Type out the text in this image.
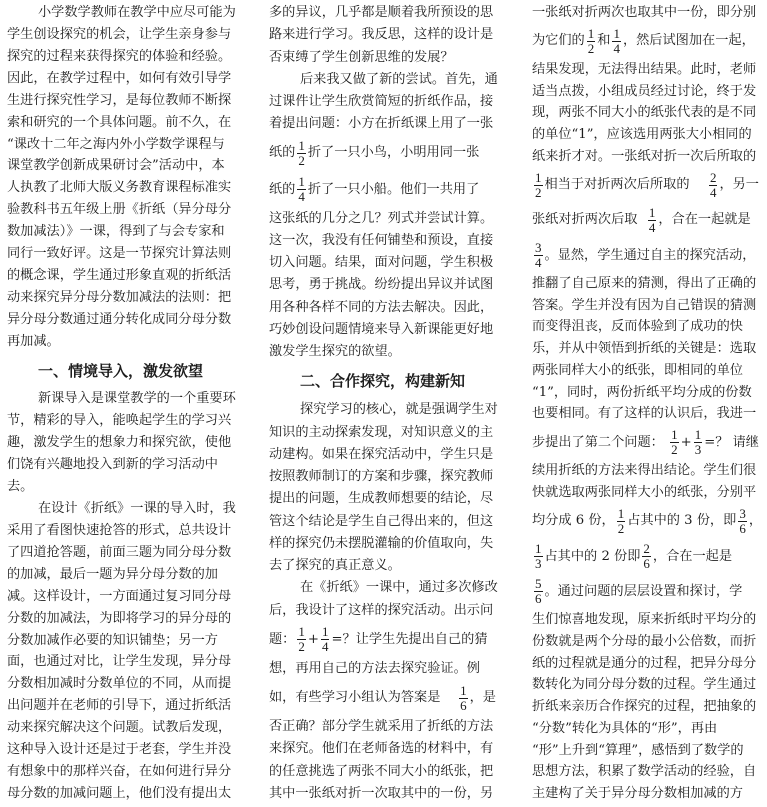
小学数学教师在教学中应尽可能为
学生创设探究的机会，让学生亲身参与
探究的过程来获得探究的体验和经验。
因此，在教学过程中，如何有效引导学
生进行探究性学习，是每位教师不断探
索和研究的一个具体问题。前不久，在
“课改十二年之海内外小学数学课程与
课堂教学创新成果研讨会”活动中，本
人执教了北师大版义务教育课程标准实
验教科书五年级上册《折纸（异分母分
数加减法）》一课，得到了与会专家和
同行一致好评。这是一节探究计算法则
的概念课，学生通过形象直观的折纸活
动来探究异分母分数加减法的法则：把
异分母分数通过通分转化成同分母分数
再加减。
一、情境导入，激发欲望
新课导入是课堂教学的一个重要环
节，精彩的导入，能唤起学生的学习兴
趣，激发学生的想象力和探究欲，使他
们饶有兴趣地投入到新的学习活动中
去。
在设计《折纸》一课的导入时，我
采用了看图快速抢答的形式，总共设计
了四道抢答题，前面三题为同分母分数
的加减，最后一题为异分母分数的加
减。这样设计，一方面通过复习同分母
分数的加减法，为即将学习的异分母的
分数加减作必要的知识铺垫；另一方
面，也通过对比，让学生发现，异分母
分数相加减时分数单位的不同，从而提
出问题并在老师的引导下，通过折纸活
动来探究解决这个问题。试教后发现，
这种导入设计还是过于老套，学生并没
有想象中的那样兴奋，在如何进行异分
母分数的加减问题上，他们没有提出太
多的异议，几乎都是顺着我所预设的思
路来进行学习。我反思，这样的设计是
否束缚了学生创新思维的发展？
后来我又做了新的尝试。首先，通
过课件让学生欣赏简短的折纸作品，接
着提出问题：小方在折纸课上用了一张
纸的 $\frac{1}{2}$ 折了一只小鸟，小明用同一张
纸的 $\frac{1}{4}$ 折了一只小船。他们一共用了
这张纸的几分之几？列式并尝试计算。
这一次，我没有任何铺垫和预设，直接
切入问题。结果，面对问题，学生积极
思考，勇于挑战。纷纷提出异议并试图
用各种各样不同的方法去解决。因此，
巧妙创设问题情境来导入新课能更好地
激发学生探究的欲望。
二、合作探究，构建新知
探究学习的核心，就是强调学生对
知识的主动探索发现，对知识意义的主
动建构。如果在探究活动中，学生只是
按照教师制订的方案和步骤，探究教师
提出的问题，生成教师想要的结论，尽
管这个结论是学生自己得出来的，但这
样的探究仍未摆脱灌输的价值取向，失
去了探究的真正意义。
在《折纸》一课中，通过多次修改
后，我设计了这样的探究活动。出示问
题： $\frac{1}{2} + \frac{1}{4}$ =？让学生先提出自己的猜
想，再用自己的方法去探究验证。例
如，有些学习小组认为答案是	$\frac{1}{6}$ ，是
否正确？部分学生就采用了折纸的方法
来探究。他们在老师备选的材料中，有
的任意挑选了两张不同大小的纸张，把
其中一张纸对折一次取其中的一份，另
一张纸对折两次也取其中一份，即分别
为它们的 $\frac{1}{2}$ 和 $\frac{1}{4}$ ，然后试图加在一起，
结果发现，无法得出结果。此时，老师
适当点拨，小组成员经过讨论，终于发
现，两张不同大小的纸张代表的是不同
的单位“1”，应该选用两张大小相同的
纸来折才对。一张纸对折一次后所取的
$\frac{1}{2}$ 相当于对折两次后所取的	$\frac{2}{4}$ ，另一
张纸对折两次后取 $\frac{1}{4}$ ，合在一起就是
$\frac{3}{4}$ 。显然，学生通过自主的探究活动，
推翻了自己原来的猜测，得出了正确的
答案。学生并没有因为自己错误的猜测
而变得沮丧，反而体验到了成功的快
乐，并从中领悟到折纸的关键是：选取
两张同样大小的纸张，即相同的单位
“1”，同时，两份折纸平均分成的份数
也要相同。有了这样的认识后，我进一
步提出了第二个问题： $\frac{1}{2} + \frac{1}{3}$ =？ 请继
续用折纸的方法来得出结论。学生们很
快就选取两张同样大小的纸张，分别平
均分成 6 份， $\frac{1}{2}$ 占其中的 3 份，即 $\frac{3}{6}$ ，
$\frac{1}{3}$ 占其中的 2 份即 $\frac{2}{6}$ ，合在一起是
$\frac{5}{6}$ 。通过问题的层层设置和探讨，学
生们惊喜地发现，原来折纸时平均分的
份数就是两个分母的最小公倍数，而折
纸的过程就是通分的过程，把异分母分
数转化为同分母分数的过程。学生通过
折纸来亲历合作探究的过程，把抽象的
“分数”转化为具体的“形”，再由
“形”上升到“算理”，感悟到了数学的
思想方法，积累了数学活动的经验，自
主建构了关于异分母分数相加减的方
